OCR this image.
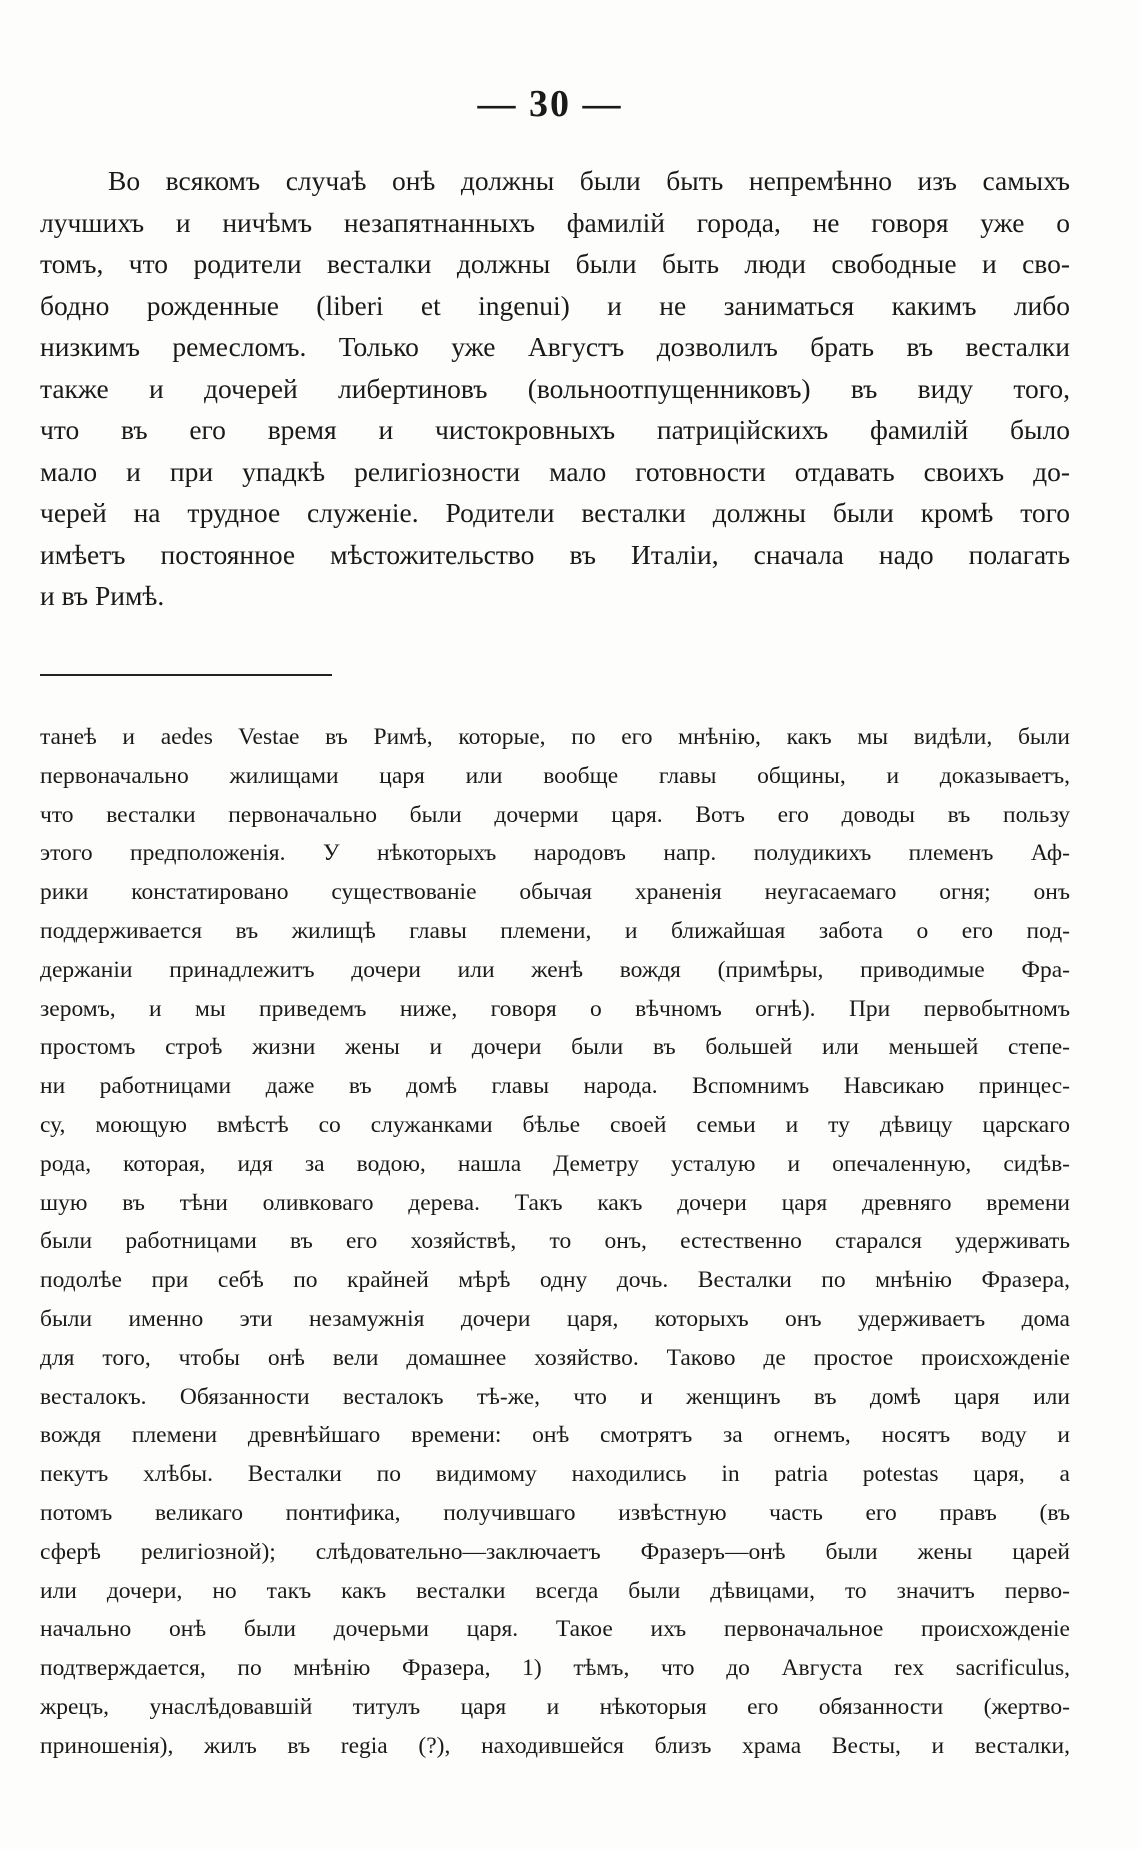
— 30 —
Во всякомъ случаѣ онѣ должны были быть непремѣнно изъ самыхъ
лучшихъ и ничѣмъ незапятнанныхъ фамилій города, не говоря уже о
томъ, что родители весталки должны были быть люди свободные и сво-
бодно рожденные (liberi et ingenui) и не заниматься какимъ либо
низкимъ ремесломъ. Только уже Августъ дозволилъ брать въ весталки
также и дочерей либертиновъ (вольноотпущенниковъ) въ виду того,
что въ его время и чистокровныхъ патриційскихъ фамилій было
мало и при упадкѣ религіозности мало готовности отдавать своихъ до-
черей на трудное служеніе. Родители весталки должны были кромѣ того
имѣетъ постоянное мѣстожительство въ Италіи, сначала надо полагать
и въ Римѣ.
танеѣ и aedes Vestae въ Римѣ, которые, по его мнѣнію, какъ мы видѣли, были
первоначально жилищами царя или вообще главы общины, и доказываетъ,
что весталки первоначально были дочерми царя. Вотъ его доводы въ пользу
этого предположенія. У нѣкоторыхъ народовъ напр. полудикихъ племенъ Аф-
рики констатировано существованіе обычая храненія неугасаемаго огня; онъ
поддерживается въ жилищѣ главы племени, и ближайшая забота о его под-
держаніи принадлежитъ дочери или женѣ вождя (примѣры, приводимые Фра-
зеромъ, и мы приведемъ ниже, говоря о вѣчномъ огнѣ). При первобытномъ
простомъ строѣ жизни жены и дочери были въ большей или меньшей степе-
ни работницами даже въ домѣ главы народа. Вспомнимъ Навсикаю принцес-
су, моющую вмѣстѣ со служанками бѣлье своей семьи и ту дѣвицу царскаго
рода, которая, идя за водою, нашла Деметру усталую и опечаленную, сидѣв-
шую въ тѣни оливковаго дерева. Такъ какъ дочери царя древняго времени
были работницами въ его хозяйствѣ, то онъ, естественно старался удерживать
подолѣе при себѣ по крайней мѣрѣ одну дочь. Весталки по мнѣнію Фразера,
были именно эти незамужнія дочери царя, которыхъ онъ удерживаетъ дома
для того, чтобы онѣ вели домашнее хозяйство. Таково де простое происхожденіе
весталокъ. Обязанности весталокъ тѣ-же, что и женщинъ въ домѣ царя или
вождя племени древнѣйшаго времени: онѣ смотрятъ за огнемъ, носятъ воду и
пекутъ хлѣбы. Весталки по видимому находились in patria potestas царя, а
потомъ великаго понтифика, получившаго извѣстную часть его правъ (въ
сферѣ религіозной); слѣдовательно—заключаетъ Фразеръ—онѣ были жены царей
или дочери, но такъ какъ весталки всегда были дѣвицами, то значитъ перво-
начально онѣ были дочерьми царя. Такое ихъ первоначальное происхожденіе
подтверждается, по мнѣнію Фразера, 1) тѣмъ, что до Августа rex sacrificulus,
жрецъ, унаслѣдовавшій титулъ царя и нѣкоторыя его обязанности (жертво-
приношенія), жилъ въ regia (?), находившейся близъ храма Весты, и весталки,
